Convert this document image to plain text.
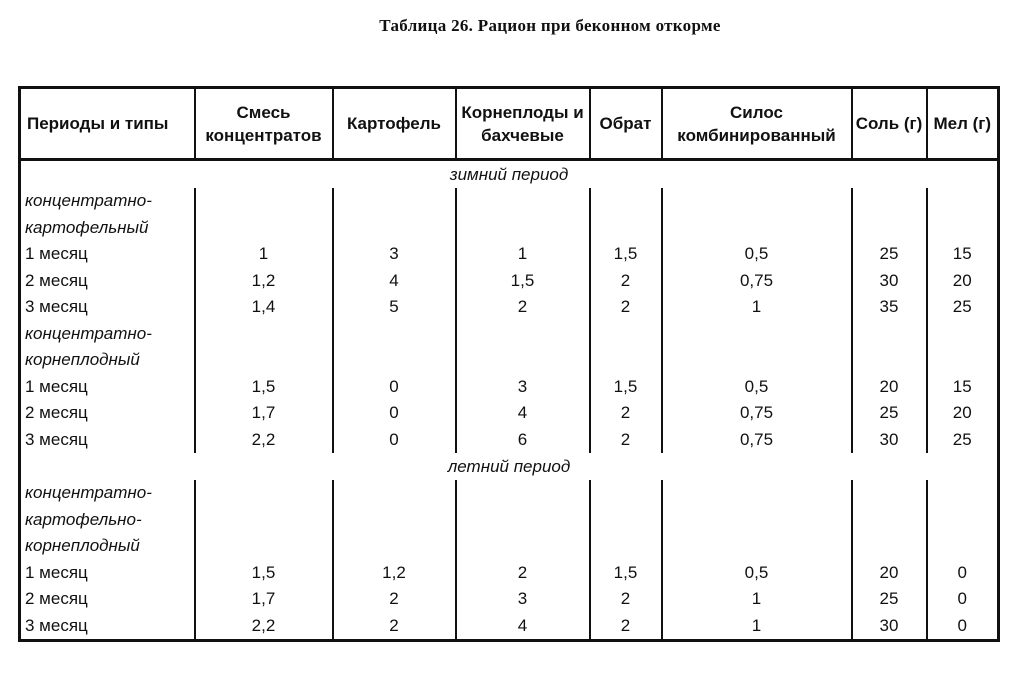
Таблица 26. Рацион при беконном откорме
Периоды и типы	Смесь концентратов	Картофель	Корнеплоды и бахчевые	Обрат	Силос комбинированный	Соль (г)	Мел (г)
зимний период							
концентратно-							
картофельный							
1 месяц	1	3	1	1,5	0,5	25	15
2 месяц	1,2	4	1,5	2	0,75	30	20
3 месяц	1,4	5	2	2	1	35	25
концентратно-							
корнеплодный							
1 месяц	1,5	0	3	1,5	0,5	20	15
2 месяц	1,7	0	4	2	0,75	25	20
3 месяц	2,2	0	6	2	0,75	30	25
летний период							
концентратно-							
картофельно-							
корнеплодный							
1 месяц	1,5	1,2	2	1,5	0,5	20	0
2 месяц	1,7	2	3	2	1	25	0
3 месяц	2,2	2	4	2	1	30	0
